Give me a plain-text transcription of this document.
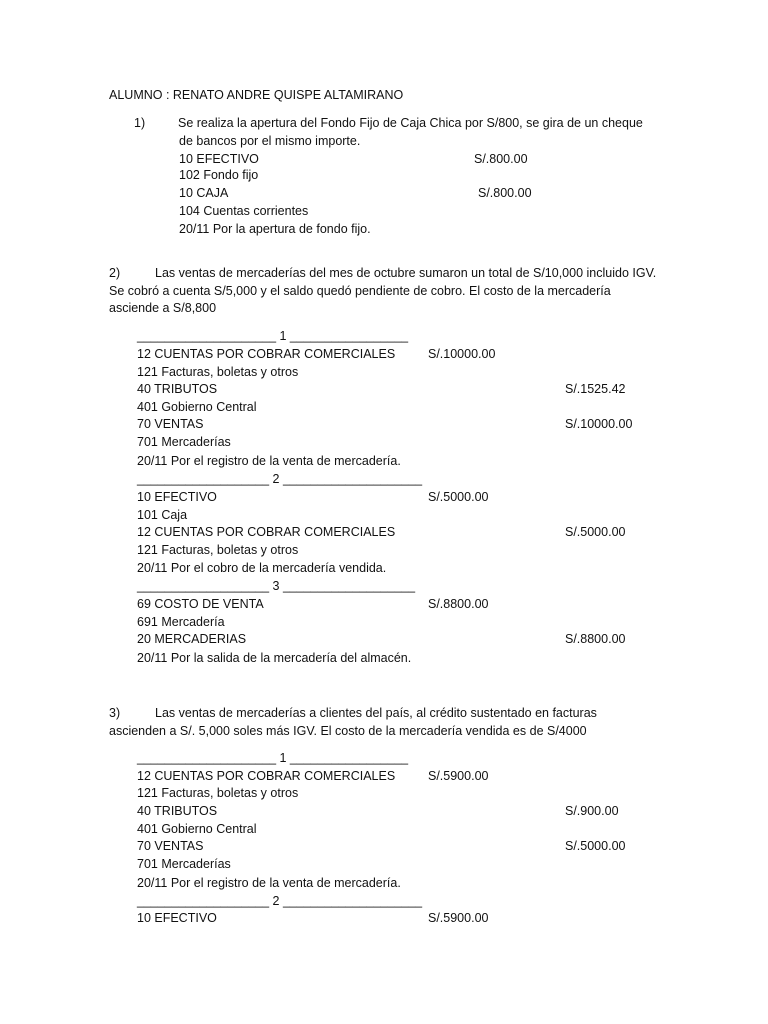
ALUMNO : RENATO ANDRE QUISPE ALTAMIRANO
1)	Se realiza la apertura del Fondo Fijo de Caja Chica por S/800, se gira de un cheque
de bancos por el mismo importe.
10 EFECTIVO	S/.800.00
102 Fondo fijo
10 CAJA	S/.800.00
104 Cuentas corrientes
20/11 Por la apertura de fondo fijo.
2)	Las ventas de mercaderías del mes de octubre sumaron un total de S/10,000 incluido IGV. Se cobró a cuenta S/5,000 y el saldo quedó pendiente de cobro. El costo de la mercadería asciende a S/8,800
____________________ 1 _________________
12 CUENTAS POR COBRAR COMERCIALES	S/.10000.00
121 Facturas, boletas y otros
40 TRIBUTOS	S/.1525.42
401 Gobierno Central
70 VENTAS	S/.10000.00
701 Mercaderías
20/11 Por el registro de la venta de mercadería.
___________________ 2 ____________________
10 EFECTIVO	S/.5000.00
101 Caja
12 CUENTAS POR COBRAR COMERCIALES	S/.5000.00
121 Facturas, boletas y otros
20/11 Por el cobro de la mercadería vendida.
___________________ 3 ___________________
69 COSTO DE VENTA	S/.8800.00
691 Mercadería
20 MERCADERIAS	S/.8800.00
20/11 Por la salida de la mercadería del almacén.
3)	Las ventas de mercaderías a clientes del país, al crédito sustentado en facturas ascienden a S/. 5,000 soles más IGV. El costo de la mercadería vendida es de S/4000
____________________ 1 _________________
12 CUENTAS POR COBRAR COMERCIALES	S/.5900.00
121 Facturas, boletas y otros
40 TRIBUTOS	S/.900.00
401 Gobierno Central
70 VENTAS	S/.5000.00
701 Mercaderías
20/11 Por el registro de la venta de mercadería.
___________________ 2 ____________________
10 EFECTIVO	S/.5900.00
